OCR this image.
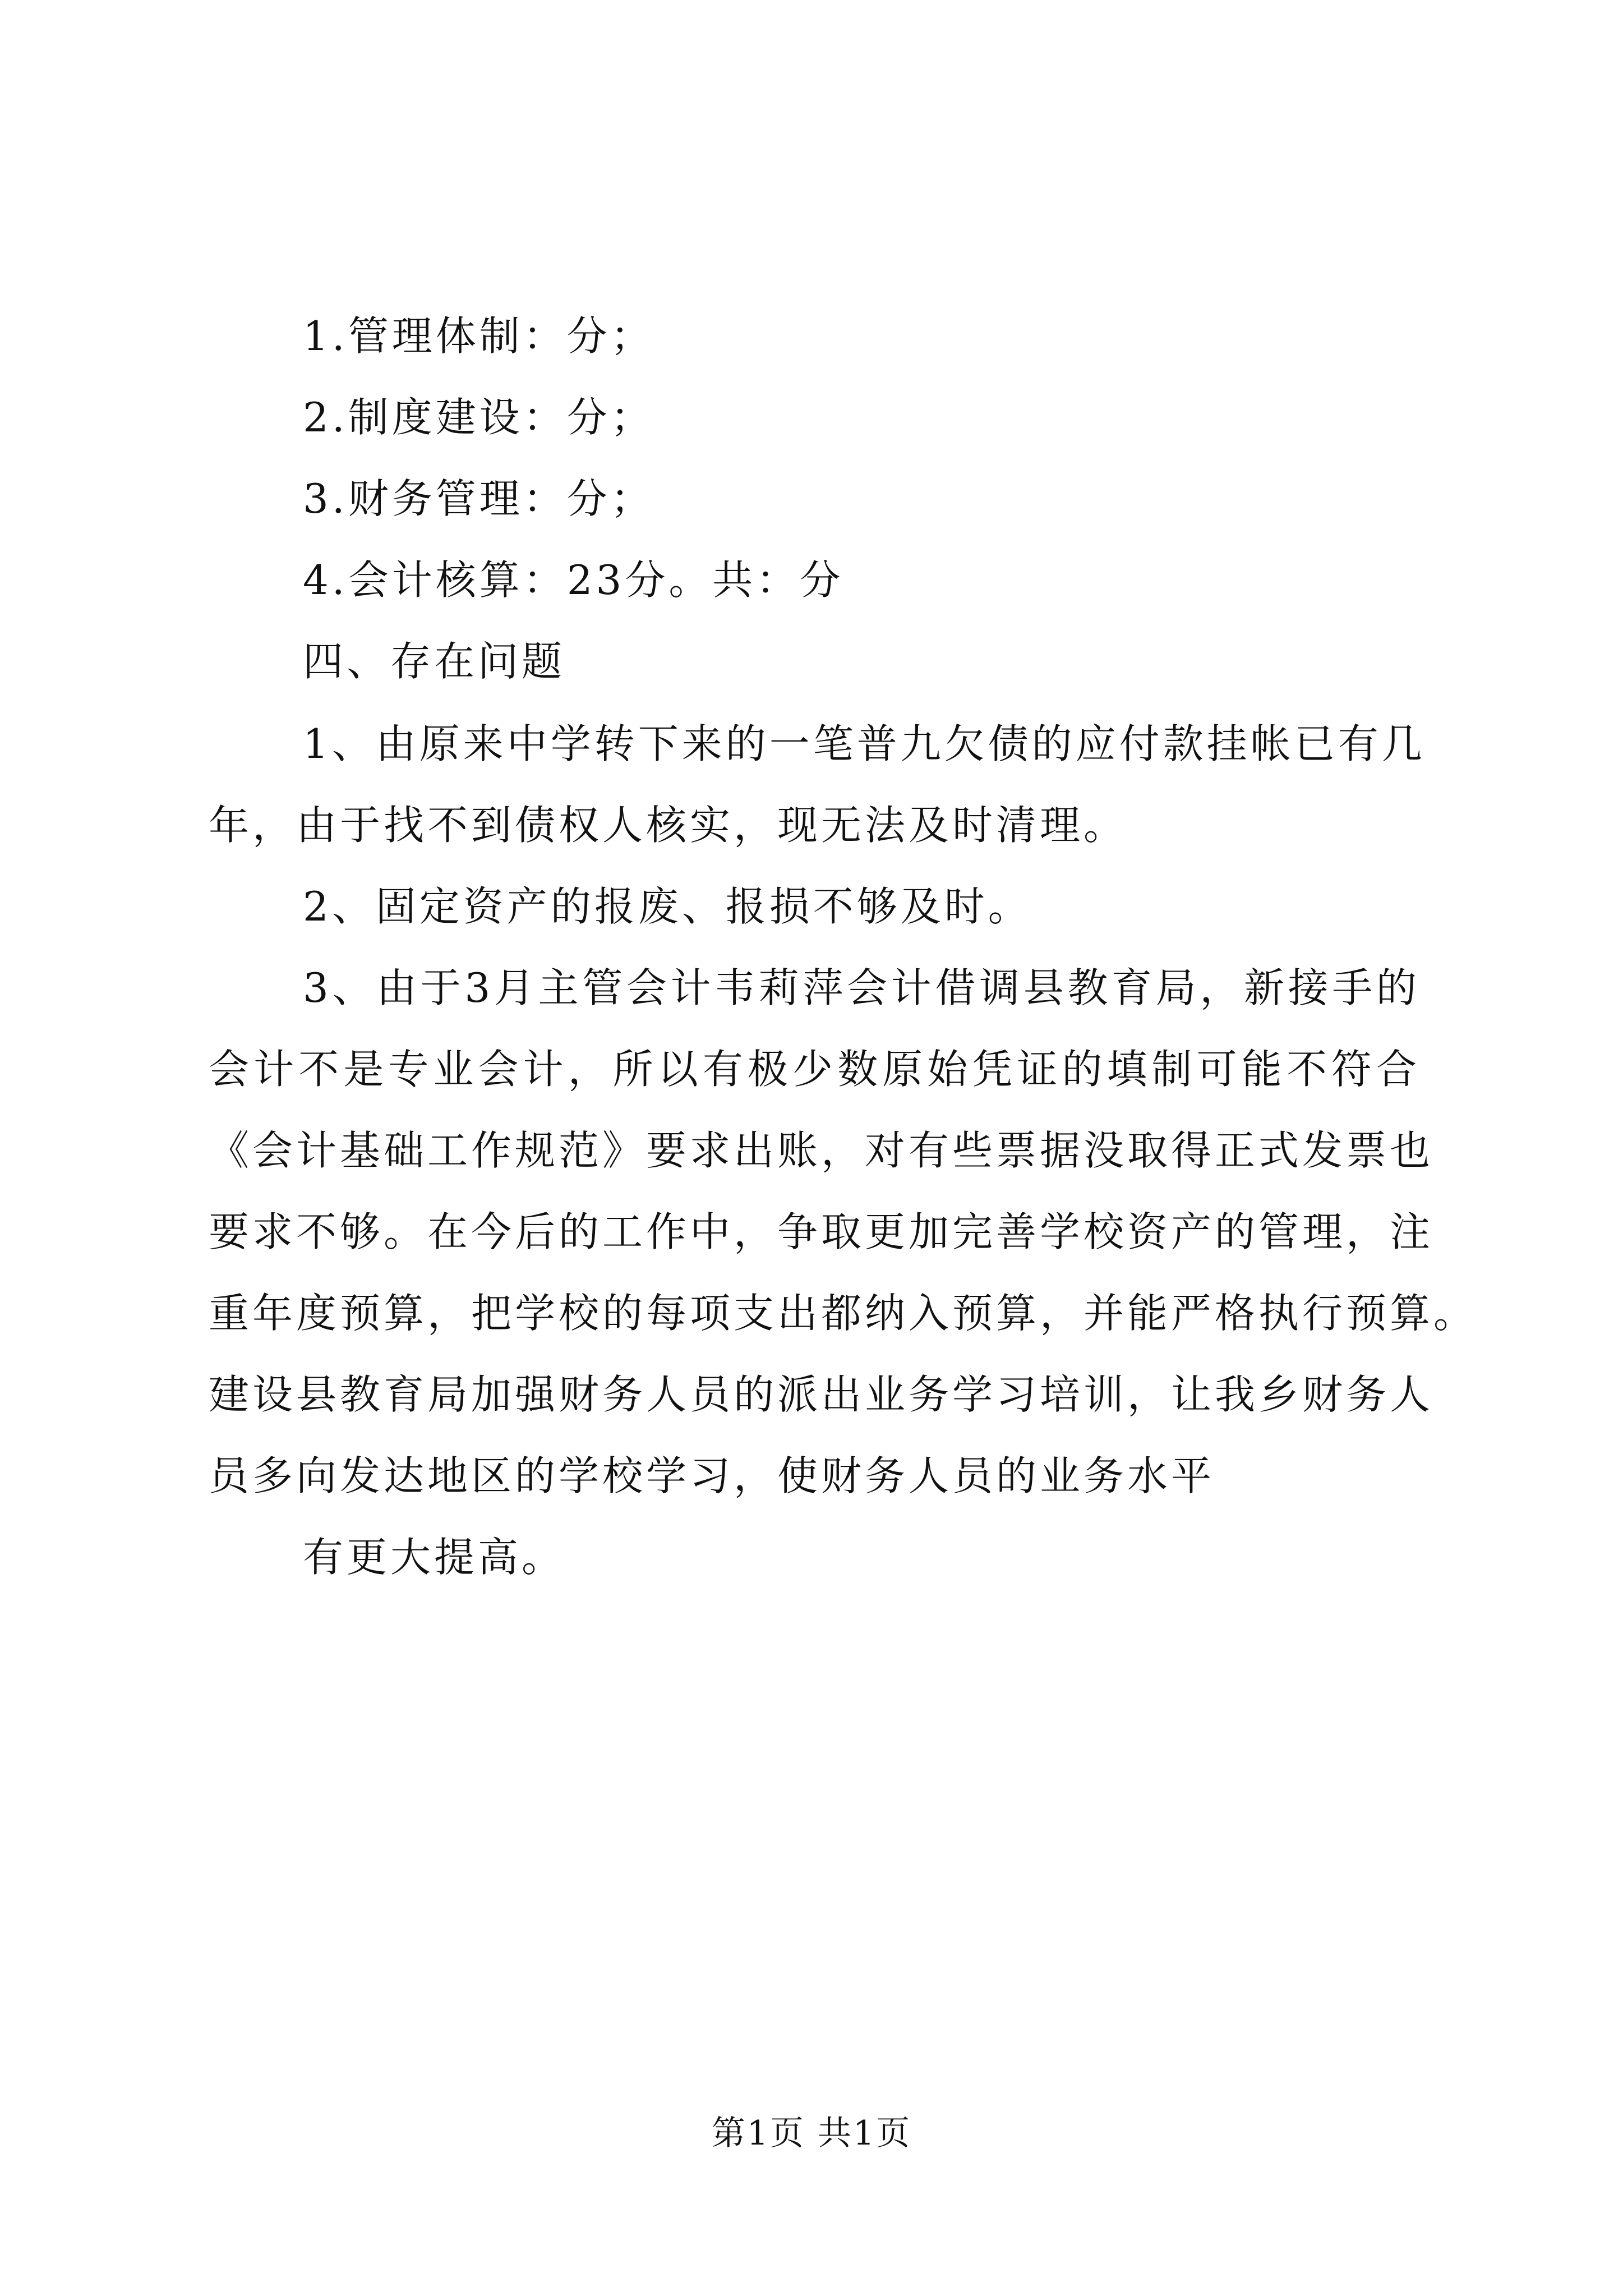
1.管理体制：分；
2.制度建设：分；
3.财务管理：分；
4.会计核算：23分。共：分
四、存在问题
1、由原来中学转下来的一笔普九欠债的应付款挂帐已有几
年，由于找不到债权人核实，现无法及时清理。
2、固定资产的报废、报损不够及时。
3、由于3月主管会计韦莉萍会计借调县教育局，新接手的
会计不是专业会计，所以有极少数原始凭证的填制可能不符合
《会计基础工作规范》要求出账，对有些票据没取得正式发票也
要求不够。在今后的工作中，争取更加完善学校资产的管理，注
重年度预算，把学校的每项支出都纳入预算，并能严格执行预算。
建设县教育局加强财务人员的派出业务学习培训，让我乡财务人
员多向发达地区的学校学习，使财务人员的业务水平
有更大提高。
第1页 共1页
